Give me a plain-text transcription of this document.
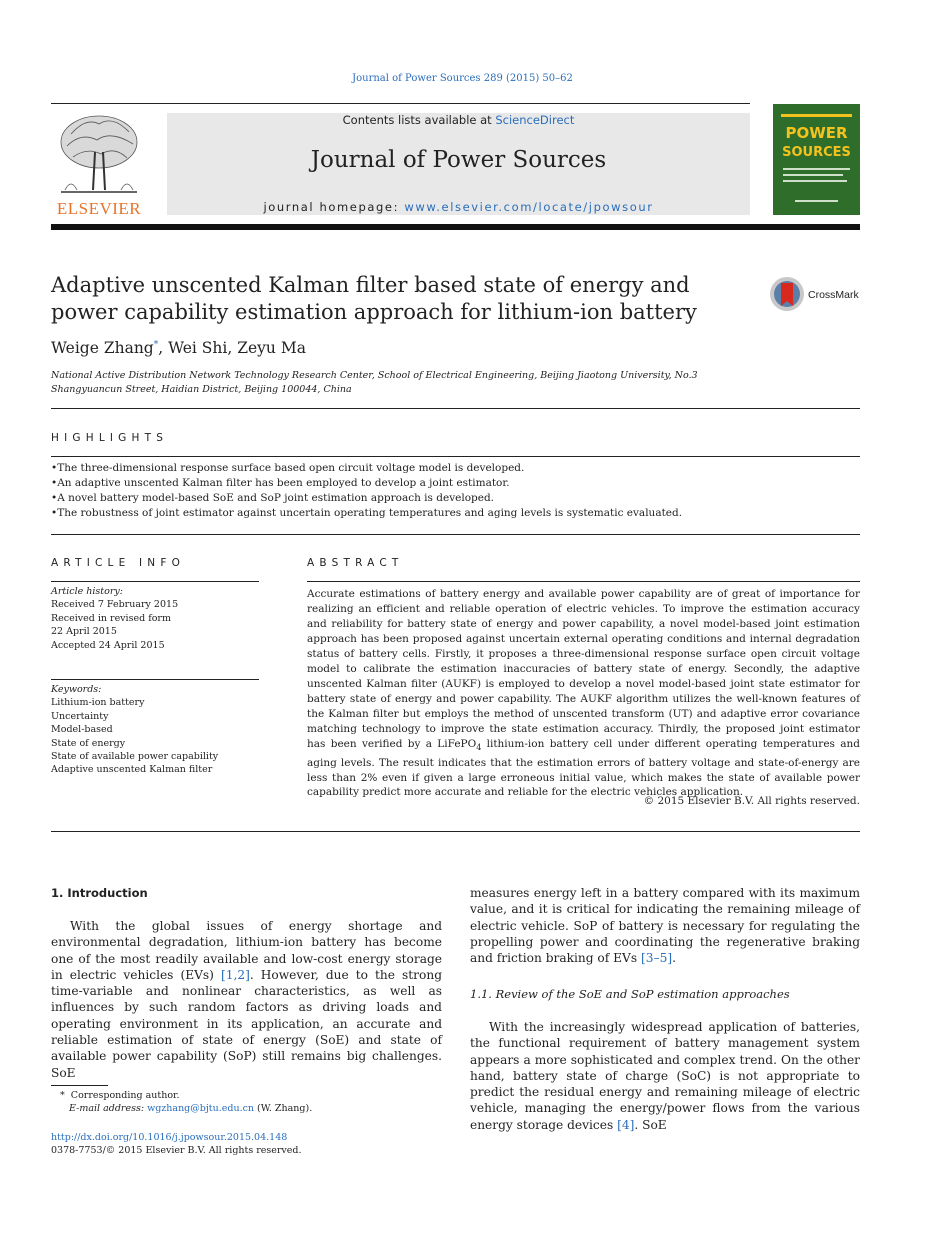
Journal of Power Sources 289 (2015) 50–62
ELSEVIER
Contents lists available at ScienceDirect
Journal of Power Sources
journal homepage: www.elsevier.com/locate/jpowsour
POWER
SOURCES
Adaptive unscented Kalman filter based state of energy and power capability estimation approach for lithium-ion battery
CrossMark
Weige Zhang*, Wei Shi, Zeyu Ma
National Active Distribution Network Technology Research Center, School of Electrical Engineering, Beijing Jiaotong University, No.3 Shangyuancun Street, Haidian District, Beijing 100044, China
HIGHLIGHTS
• The three-dimensional response surface based open circuit voltage model is developed.
• An adaptive unscented Kalman filter has been employed to develop a joint estimator.
• A novel battery model-based SoE and SoP joint estimation approach is developed.
• The robustness of joint estimator against uncertain operating temperatures and aging levels is systematic evaluated.
ARTICLE INFO
Article history:
Received 7 February 2015
Received in revised form
22 April 2015
Accepted 24 April 2015
Keywords:
Lithium-ion battery
Uncertainty
Model-based
State of energy
State of available power capability
Adaptive unscented Kalman filter
ABSTRACT
Accurate estimations of battery energy and available power capability are of great of importance for realizing an efficient and reliable operation of electric vehicles. To improve the estimation accuracy and reliability for battery state of energy and power capability, a novel model-based joint estimation approach has been proposed against uncertain external operating conditions and internal degradation status of battery cells. Firstly, it proposes a three-dimensional response surface open circuit voltage model to calibrate the estimation inaccuracies of battery state of energy. Secondly, the adaptive unscented Kalman filter (AUKF) is employed to develop a novel model-based joint state estimator for battery state of energy and power capability. The AUKF algorithm utilizes the well-known features of the Kalman filter but employs the method of unscented transform (UT) and adaptive error covariance matching technology to improve the state estimation accuracy. Thirdly, the proposed joint estimator has been verified by a LiFePO$_4$ lithium-ion battery cell under different operating temperatures and aging levels. The result indicates that the estimation errors of battery voltage and state-of-energy are less than 2% even if given a large erroneous initial value, which makes the state of available power capability predict more accurate and reliable for the electric vehicles application.
© 2015 Elsevier B.V. All rights reserved.
1. Introduction
With the global issues of energy shortage and environmental degradation, lithium-ion battery has become one of the most readily available and low-cost energy storage in electric vehicles (EVs) [1,2]. However, due to the strong time-variable and nonlinear characteristics, as well as influences by such random factors as driving loads and operating environment in its application, an accurate and reliable estimation of state of energy (SoE) and state of available power capability (SoP) still remains big challenges. SoE
measures energy left in a battery compared with its maximum value, and it is critical for indicating the remaining mileage of electric vehicle. SoP of battery is necessary for regulating the propelling power and coordinating the regenerative braking and friction braking of EVs [3–5].
1.1. Review of the SoE and SoP estimation approaches
With the increasingly widespread application of batteries, the functional requirement of battery management system appears a more sophisticated and complex trend. On the other hand, battery state of charge (SoC) is not appropriate to predict the residual energy and remaining mileage of electric vehicle, managing the energy/power flows from the various energy storage devices [4]. SoE
* Corresponding author.
E-mail address: wgzhang@bjtu.edu.cn (W. Zhang).
http://dx.doi.org/10.1016/j.jpowsour.2015.04.148
0378-7753/© 2015 Elsevier B.V. All rights reserved.
